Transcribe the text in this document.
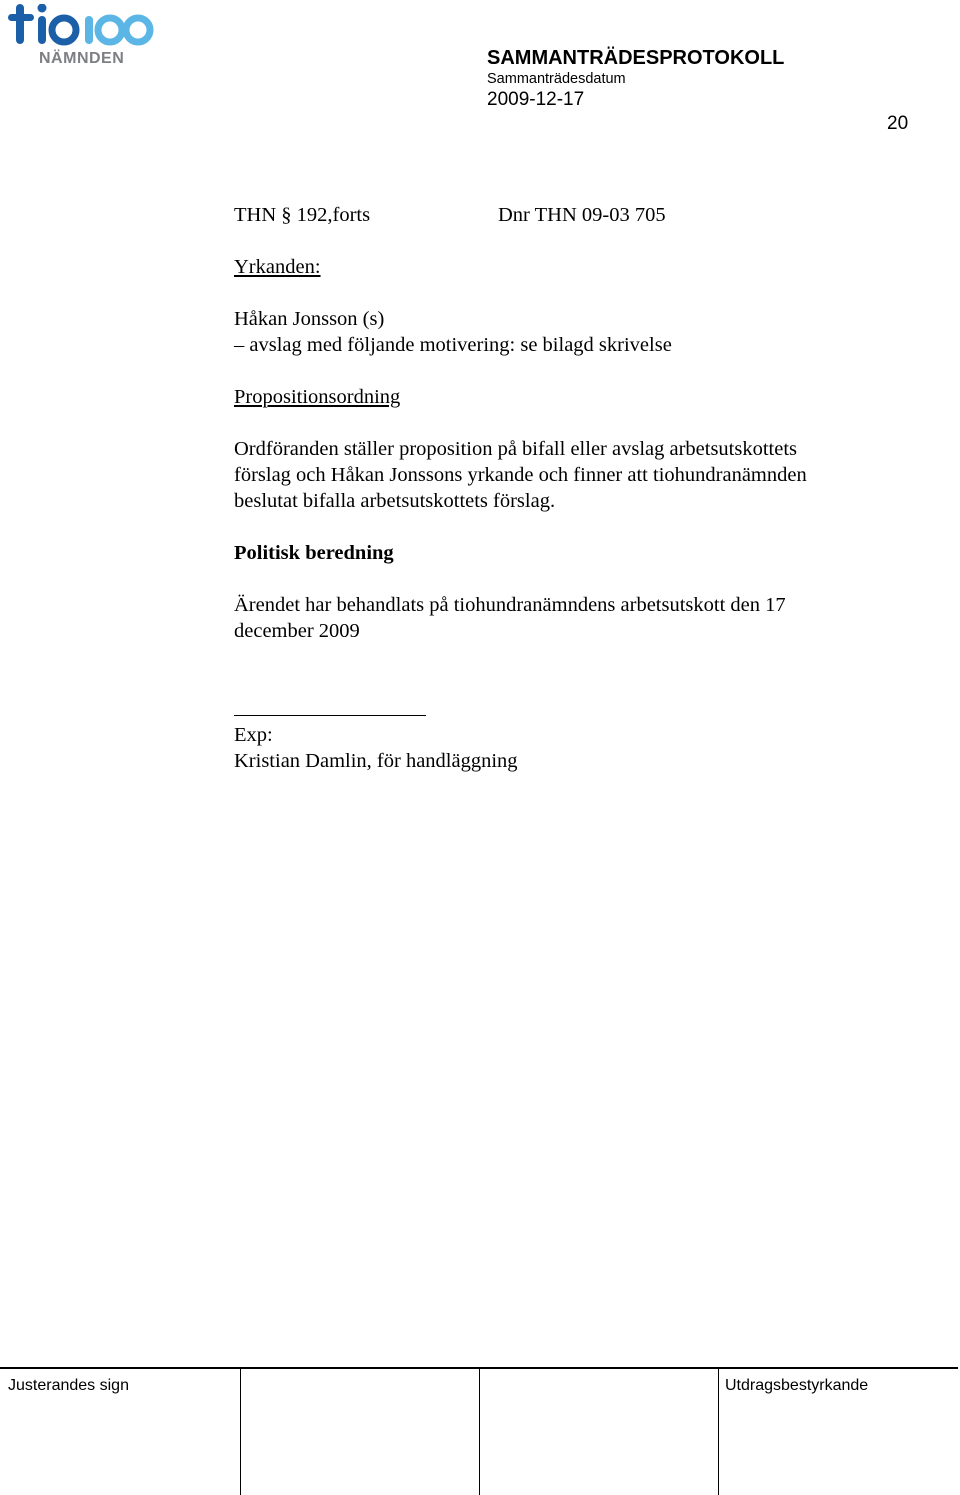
NÄMNDEN	SAMMANTRÄDESPROTOKOLL
Sammanträdesdatum
2009-12-17
20
THN § 192,forts	Dnr THN 09-03 705
Yrkanden:
Håkan Jonsson (s)
– avslag med följande motivering: se bilagd skrivelse
Propositionsordning
Ordföranden ställer proposition på bifall eller avslag arbetsutskottets
förslag och Håkan Jonssons yrkande och finner att tiohundranämnden
beslutat bifalla arbetsutskottets förslag.
Politisk beredning
Ärendet har behandlats på tiohundranämndens arbetsutskott den 17
december 2009
Exp:
Kristian Damlin, för handläggning
Justerandes sign	Utdragsbestyrkande
